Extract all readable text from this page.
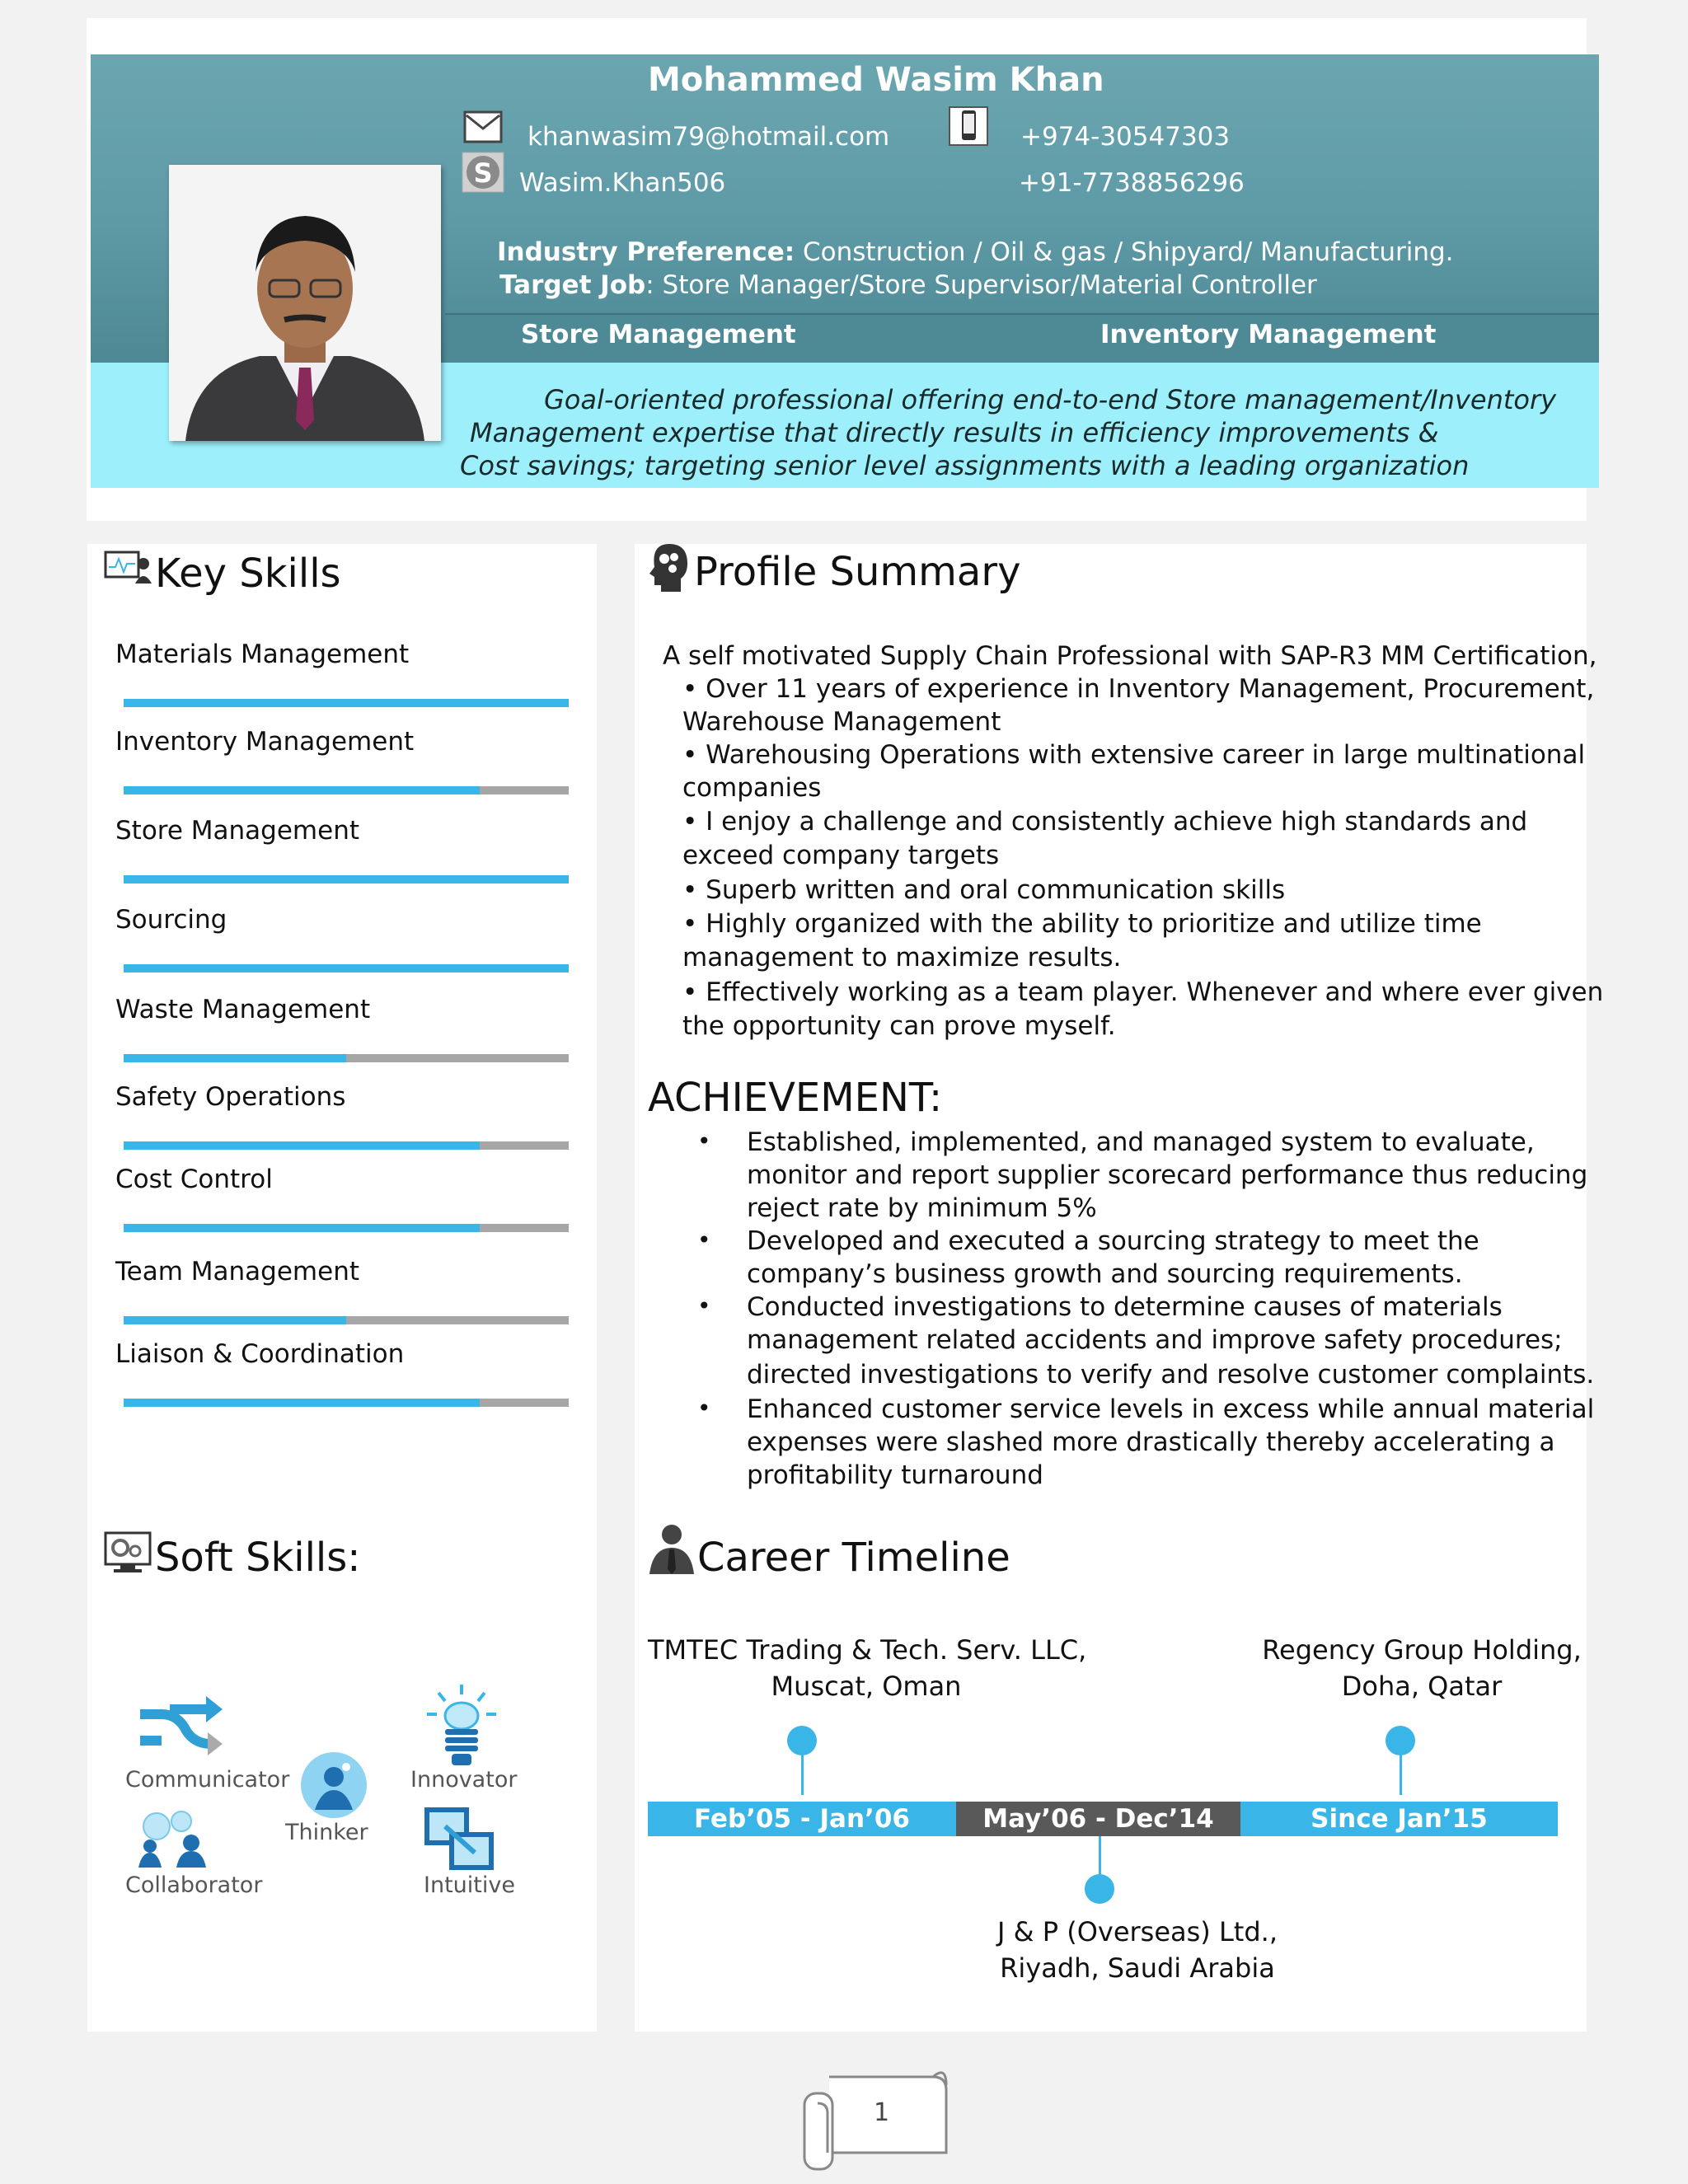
Mohammed Wasim Khan
khanwasim79@hotmail.com	+974-30547303
S Wasim.Khan506	+91-7738856296
Industry Preference: Construction / Oil & gas / Shipyard/ Manufacturing.
Target Job: Store Manager/Store Supervisor/Material Controller
Store Management	Inventory Management
Goal-oriented professional offering end-to-end Store management/Inventory
Management expertise that directly results in efficiency improvements &
Cost savings; targeting senior level assignments with a leading organization
Key Skills
Materials Management
Inventory Management
Store Management
Sourcing
Waste Management
Safety Operations
Cost Control
Team Management
Liaison & Coordination
Soft Skills:
Communicator	Innovator
Thinker
Collaborator	Intuitive
Profile Summary
A self motivated Supply Chain Professional with SAP-R3 MM Certification,
• Over 11 years of experience in Inventory Management, Procurement,
Warehouse Management
• Warehousing Operations with extensive career in large multinational
companies
• I enjoy a challenge and consistently achieve high standards and
exceed company targets
• Superb written and oral communication skills
• Highly organized with the ability to prioritize and utilize time
management to maximize results.
• Effectively working as a team player. Whenever and where ever given
the opportunity can prove myself.
ACHIEVEMENT:
• Established, implemented, and managed system to evaluate,
monitor and report supplier scorecard performance thus reducing
reject rate by minimum 5%
• Developed and executed a sourcing strategy to meet the
company’s business growth and sourcing requirements.
• Conducted investigations to determine causes of materials
management related accidents and improve safety procedures;
directed investigations to verify and resolve customer complaints.
• Enhanced customer service levels in excess while annual material
expenses were slashed more drastically thereby accelerating a
profitability turnaround
Career Timeline
TMTEC Trading & Tech. Serv. LLC,
Muscat, Oman
Regency Group Holding,
Doha, Qatar
Feb’05 - Jan’06	May’06 - Dec’14	Since Jan’15
J & P (Overseas) Ltd.,
Riyadh, Saudi Arabia
1
